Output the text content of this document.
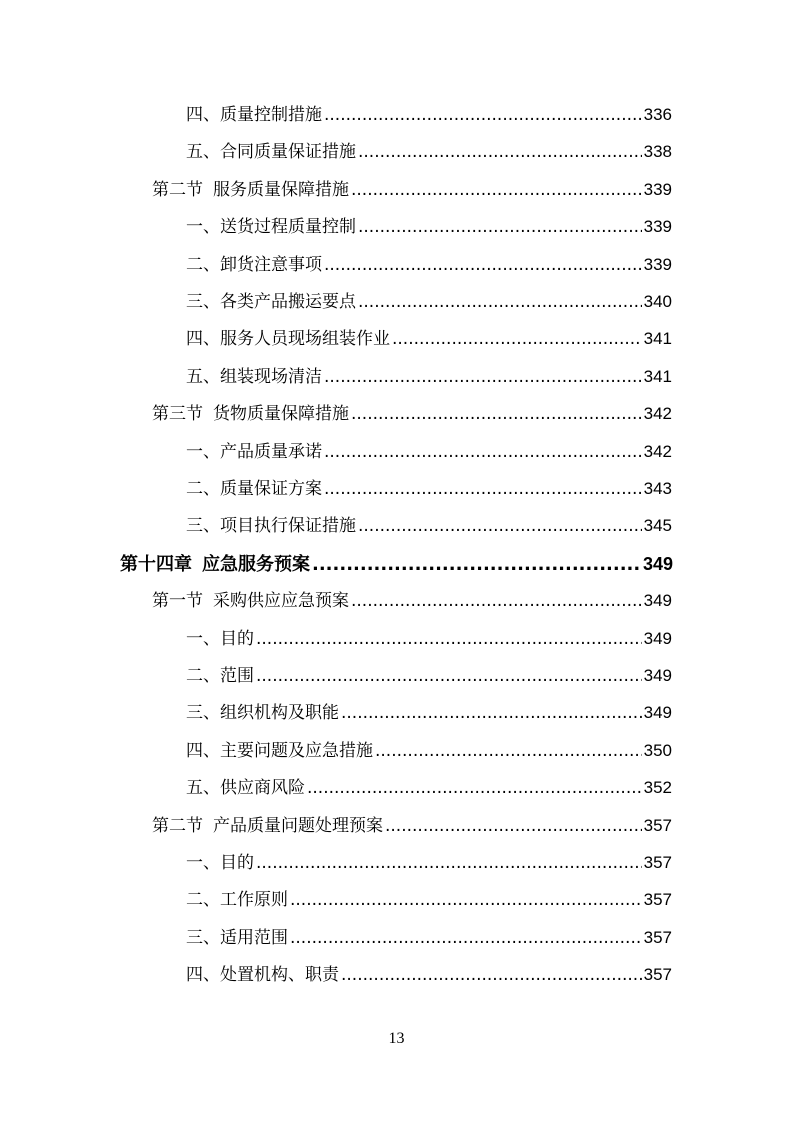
四、质量控制措施 .....	336
五、合同质量保证措施 .....	338
第二节 服务质量保障措施 .....	339
一、送货过程质量控制 .....	339
二、卸货注意事项 .....	339
三、各类产品搬运要点 .....	340
四、服务人员现场组装作业 .....	341
五、组装现场清洁 .....	341
第三节 货物质量保障措施 .....	342
一、产品质量承诺 .....	342
二、质量保证方案 .....	343
三、项目执行保证措施 .....	345
第十四章 应急服务预案 .....	349
第一节 采购供应应急预案 .....	349
一、目的 .....	349
二、范围 .....	349
三、组织机构及职能 .....	349
四、主要问题及应急措施 .....	350
五、供应商风险 .....	352
第二节 产品质量问题处理预案 .....	357
一、目的 .....	357
二、工作原则 .....	357
三、适用范围 .....	357
四、处置机构、职责 .....	357
13
